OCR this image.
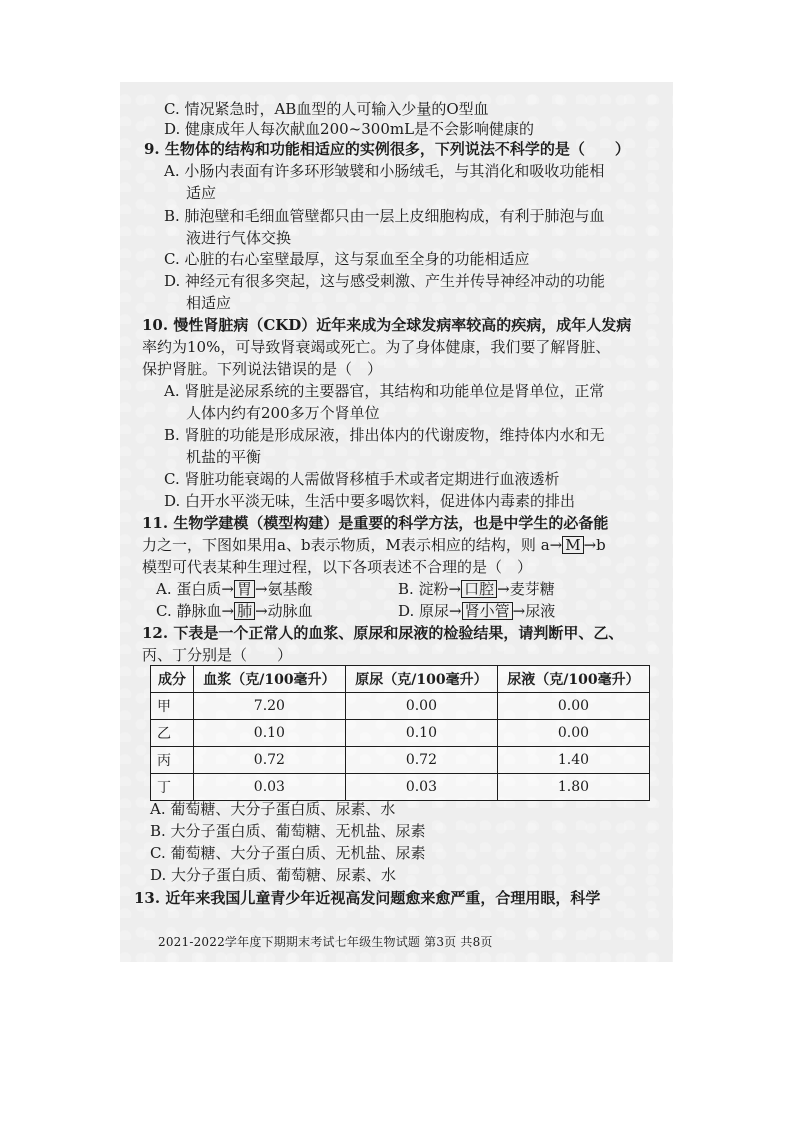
C. 情况紧急时，AB血型的人可输入少量的O型血
D. 健康成年人每次献血200~300mL是不会影响健康的
9. 生物体的结构和功能相适应的实例很多，下列说法不科学的是（　　）
A. 小肠内表面有许多环形皱襞和小肠绒毛，与其消化和吸收功能相
适应
B. 肺泡壁和毛细血管壁都只由一层上皮细胞构成，有利于肺泡与血
液进行气体交换
C. 心脏的右心室壁最厚，这与泵血至全身的功能相适应
D. 神经元有很多突起，这与感受刺激、产生并传导神经冲动的功能
相适应
10. 慢性肾脏病（CKD）近年来成为全球发病率较高的疾病，成年人发病
率约为10%，可导致肾衰竭或死亡。为了身体健康，我们要了解肾脏、
保护肾脏。下列说法错误的是（　）
A. 肾脏是泌尿系统的主要器官，其结构和功能单位是肾单位，正常
人体内约有200多万个肾单位
B. 肾脏的功能是形成尿液，排出体内的代谢废物，维持体内水和无
机盐的平衡
C. 肾脏功能衰竭的人需做肾移植手术或者定期进行血液透析
D. 白开水平淡无味，生活中要多喝饮料，促进体内毒素的排出
11. 生物学建模（模型构建）是重要的科学方法，也是中学生的必备能
力之一，下图如果用a、b表示物质，M表示相应的结构，则 a→ M →b
模型可代表某种生理过程，以下各项表述不合理的是（　）
A. 蛋白质→ 胃 →氨基酸	B. 淀粉→ 口腔 →麦芽糖
C. 静脉血→ 肺 →动脉血	D. 原尿→ 肾小管 →尿液
12. 下表是一个正常人的血浆、原尿和尿液的检验结果，请判断甲、乙、
丙、丁分别是（　　）
成分	血浆（克/100毫升）	原尿（克/100毫升）	尿液（克/100毫升）
甲	7.20	0.00	0.00
乙	0.10	0.10	0.00
丙	0.72	0.72	1.40
丁	0.03	0.03	1.80
A. 葡萄糖、大分子蛋白质、尿素、水
B. 大分子蛋白质、葡萄糖、无机盐、尿素
C. 葡萄糖、大分子蛋白质、无机盐、尿素
D. 大分子蛋白质、葡萄糖、尿素、水
13. 近年来我国儿童青少年近视高发问题愈来愈严重，合理用眼，科学
2021-2022学年度下期期末考试七年级生物试题 第3页 共8页
